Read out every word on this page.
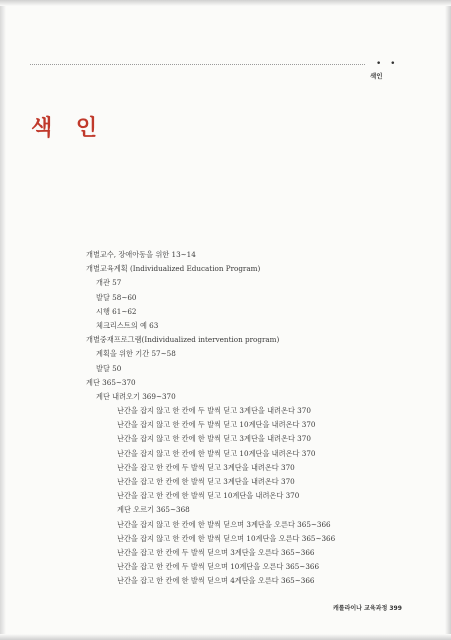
• •
색인
색 인
개별교수, 장애아동을 위한 13~14
개별교육계획 (Individualized Education Program)
개관 57
발달 58~60
시행 61~62
체크리스트의 예 63
개별중재프로그램(Individualized intervention program)
계획을 위한 기간 57~58
발달 50
계단 365~370
계단 내려오기 369~370
난간을 잡지 않고 한 칸에 두 발씩 딛고 3계단을 내려온다 370
난간을 잡지 않고 한 칸에 두 발씩 딛고 10계단을 내려온다 370
난간을 잡지 않고 한 칸에 한 발씩 딛고 3계단을 내려온다 370
난간을 잡지 않고 한 칸에 한 발씩 딛고 10계단을 내려온다 370
난간을 잡고 한 칸에 두 발씩 딛고 3계단을 내려온다 370
난간을 잡고 한 칸에 한 발씩 딛고 3계단을 내려온다 370
난간을 잡고 한 칸에 한 발씩 딛고 10계단을 내려온다 370
계단 오르기 365~368
난간을 잡지 않고 한 칸에 한 발씩 딛으며 3계단을 오른다 365~366
난간을 잡지 않고 한 칸에 한 발씩 딛으며 10계단을 오른다 365~366
난간을 잡고 한 칸에 두 발씩 딛으며 3계단을 오른다 365~366
난간을 잡고 한 칸에 두 발씩 딛으며 10계단을 오른다 365~366
난간을 잡고 한 칸에 한 발씩 딛으며 4계단을 오른다 365~366
캐롤라이나 교육과정 399
